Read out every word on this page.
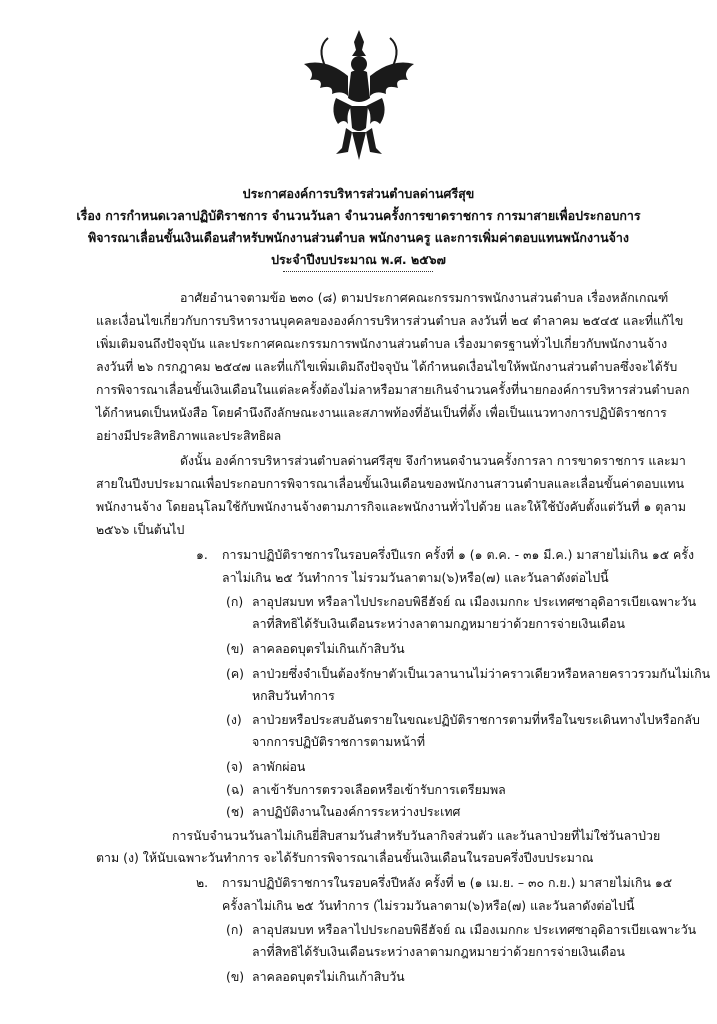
ประกาศองค์การบริหารส่วนตำบลด่านศรีสุข
เรื่อง การกำหนดเวลาปฏิบัติราชการ จำนวนวันลา จำนวนครั้งการขาดราชการ การมาสายเพื่อประกอบการ
พิจารณาเลื่อนขั้นเงินเดือนสำหรับพนักงานส่วนตำบล พนักงานครู และการเพิ่มค่าตอบแทนพนักงานจ้าง
ประจำปีงบประมาณ พ.ศ. ๒๕๖๗
อาศัยอำนาจตามข้อ ๒๓๐ (๘) ตามประกาศคณะกรรมการพนักงานส่วนตำบล เรื่องหลักเกณฑ์
และเงื่อนไขเกี่ยวกับการบริหารงานบุคคลขององค์การบริหารส่วนตำบล ลงวันที่ ๒๔ ตำลาคม ๒๕๔๕ และที่แก้ไข
เพิ่มเติมจนถึงปัจจุบัน และประกาศคณะกรรมการพนักงานส่วนตำบล เรื่องมาตรฐานทั่วไปเกี่ยวกับพนักงานจ้าง
ลงวันที่ ๒๖ กรกฎาคม ๒๕๔๗ และที่แก้ไขเพิ่มเติมถึงปัจจุบัน ได้กำหนดเงื่อนไขให้พนักงานส่วนตำบลซึ่งจะได้รับ
การพิจารณาเลื่อนขั้นเงินเดือนในแต่ละครั้งต้องไม่ลาหรือมาสายเกินจำนวนครั้งที่นายกองค์การบริหารส่วนตำบลก
ได้กำหนดเป็นหนังสือ โดยคำนึงถึงลักษณะงานและสภาพท้องที่อันเป็นที่ตั้ง เพื่อเป็นแนวทางการปฏิบัติราชการ
อย่างมีประสิทธิภาพและประสิทธิผล
ดังนั้น องค์การบริหารส่วนตำบลด่านศรีสุข จึงกำหนดจำนวนครั้งการลา การขาดราชการ และมา
สายในปีงบประมาณเพื่อประกอบการพิจารณาเลื่อนขั้นเงินเดือนของพนักงานสาวนตำบลและเลื่อนขั้นค่าตอบแทน
พนักงานจ้าง โดยอนุโลมใช้กับพนักงานจ้างตามภารกิจและพนักงานทั่วไปด้วย และให้ใช้บังคับตั้งแต่วันที่ ๑ ตุลาม
๒๕๖๖ เป็นต้นไป
๑. การมาปฏิบัติราชการในรอบครึ่งปีแรก ครั้งที่ ๑ (๑ ต.ค. - ๓๑ มี.ค.) มาสายไม่เกิน ๑๕ ครั้ง
ลาไม่เกิน ๒๕ วันทำการ ไม่รวมวันลาตาม(๖)หรือ(๗) และวันลาดังต่อไปนี้
(ก) ลาอุปสมบท หรือลาไปประกอบพิธีฮัจย์ ณ เมืองเมกกะ ประเทศซาอุดิอารเบียเฉพาะวัน
ลาที่สิทธิได้รับเงินเดือนระหว่างลาตามกฎหมายว่าด้วยการจ่ายเงินเดือน
(ข) ลาคลอดบุตรไม่เกินเก้าสิบวัน
(ค) ลาป่วยซึ่งจำเป็นต้องรักษาตัวเป็นเวลานานไม่ว่าคราวเดียวหรือหลายคราวรวมกันไม่เกิน
หกสิบวันทำการ
(ง) ลาป่วยหรือประสบอันตรายในขณะปฏิบัติราชการตามที่หรือในขระเดินทางไปหรือกลับ
จากการปฏิบัติราชการตามหน้าที่
(จ) ลาพักผ่อน
(ฉ) ลาเข้ารับการตรวจเลือดหรือเข้ารับการเตรียมพล
(ช) ลาปฏิบัติงานในองค์การระหว่างประเทศ
การนับจำนวนวันลาไม่เกินยี่สิบสามวันสำหรับวันลากิจส่วนตัว และวันลาป่วยที่ไม่ใช่วันลาป่วย
ตาม (ง) ให้นับเฉพาะวันทำการ จะได้รับการพิจารณาเลื่อนขั้นเงินเดือนในรอบครึ่งปีงบประมาณ
๒. การมาปฏิบัติราชการในรอบครึ่งปีหลัง ครั้งที่ ๒ (๑ เม.ย. – ๓๐ ก.ย.) มาสายไม่เกิน ๑๕
ครั้งลาไม่เกิน ๒๕ วันทำการ (ไม่รวมวันลาตาม(๖)หรือ(๗) และวันลาดังต่อไปนี้
(ก) ลาอุปสมบท หรือลาไปประกอบพิธีฮัจย์ ณ เมืองเมกกะ ประเทศซาอุดิอารเบียเฉพาะวัน
ลาที่สิทธิได้รับเงินเดือนระหว่างลาตามกฎหมายว่าด้วยการจ่ายเงินเดือน
(ข) ลาคลอดบุตรไม่เกินเก้าสิบวัน
